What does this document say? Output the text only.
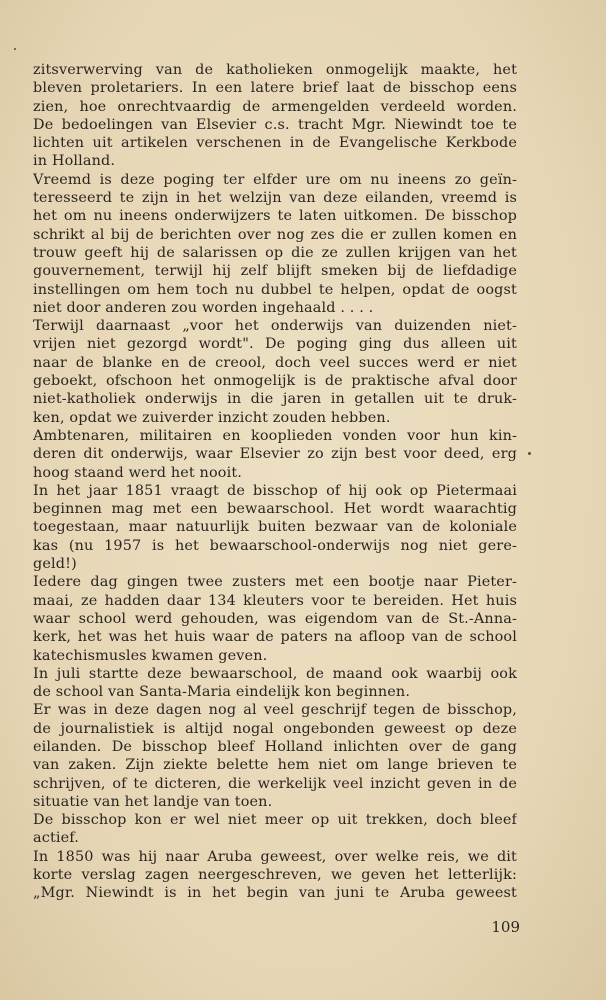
zitsverwerving van de katholieken onmogelijk maakte, het
bleven proletariers. In een latere brief laat de bisschop eens
zien, hoe onrechtvaardig de armengelden verdeeld worden.
De bedoelingen van Elsevier c.s. tracht Mgr. Niewindt toe te
lichten uit artikelen verschenen in de Evangelische Kerkbode
in Holland.
Vreemd is deze poging ter elfder ure om nu ineens zo geïn-
teresseerd te zijn in het welzijn van deze eilanden, vreemd is
het om nu ineens onderwijzers te laten uitkomen. De bisschop
schrikt al bij de berichten over nog zes die er zullen komen en
trouw geeft hij de salarissen op die ze zullen krijgen van het
gouvernement, terwijl hij zelf blijft smeken bij de liefdadige
instellingen om hem toch nu dubbel te helpen, opdat de oogst
niet door anderen zou worden ingehaald . . . .
Terwijl daarnaast „voor het onderwijs van duizenden niet-
vrijen niet gezorgd wordt". De poging ging dus alleen uit
naar de blanke en de creool, doch veel succes werd er niet
geboekt, ofschoon het onmogelijk is de praktische afval door
niet-katholiek onderwijs in die jaren in getallen uit te druk-
ken, opdat we zuiverder inzicht zouden hebben.
Ambtenaren, militairen en kooplieden vonden voor hun kin-
deren dit onderwijs, waar Elsevier zo zijn best voor deed, erg
hoog staand werd het nooit.
In het jaar 1851 vraagt de bisschop of hij ook op Pietermaai
beginnen mag met een bewaarschool. Het wordt waarachtig
toegestaan, maar natuurlijk buiten bezwaar van de koloniale
kas (nu 1957 is het bewaarschool-onderwijs nog niet gere-
geld!)
Iedere dag gingen twee zusters met een bootje naar Pieter-
maai, ze hadden daar 134 kleuters voor te bereiden. Het huis
waar school werd gehouden, was eigendom van de St.-Anna-
kerk, het was het huis waar de paters na afloop van de school
katechismusles kwamen geven.
In juli startte deze bewaarschool, de maand ook waarbij ook
de school van Santa-Maria eindelijk kon beginnen.
Er was in deze dagen nog al veel geschrijf tegen de bisschop,
de journalistiek is altijd nogal ongebonden geweest op deze
eilanden. De bisschop bleef Holland inlichten over de gang
van zaken. Zijn ziekte belette hem niet om lange brieven te
schrijven, of te dicteren, die werkelijk veel inzicht geven in de
situatie van het landje van toen.
De bisschop kon er wel niet meer op uit trekken, doch bleef
actief.
In 1850 was hij naar Aruba geweest, over welke reis, we dit
korte verslag zagen neergeschreven, we geven het letterlijk:
„Mgr. Niewindt is in het begin van juni te Aruba geweest
109
